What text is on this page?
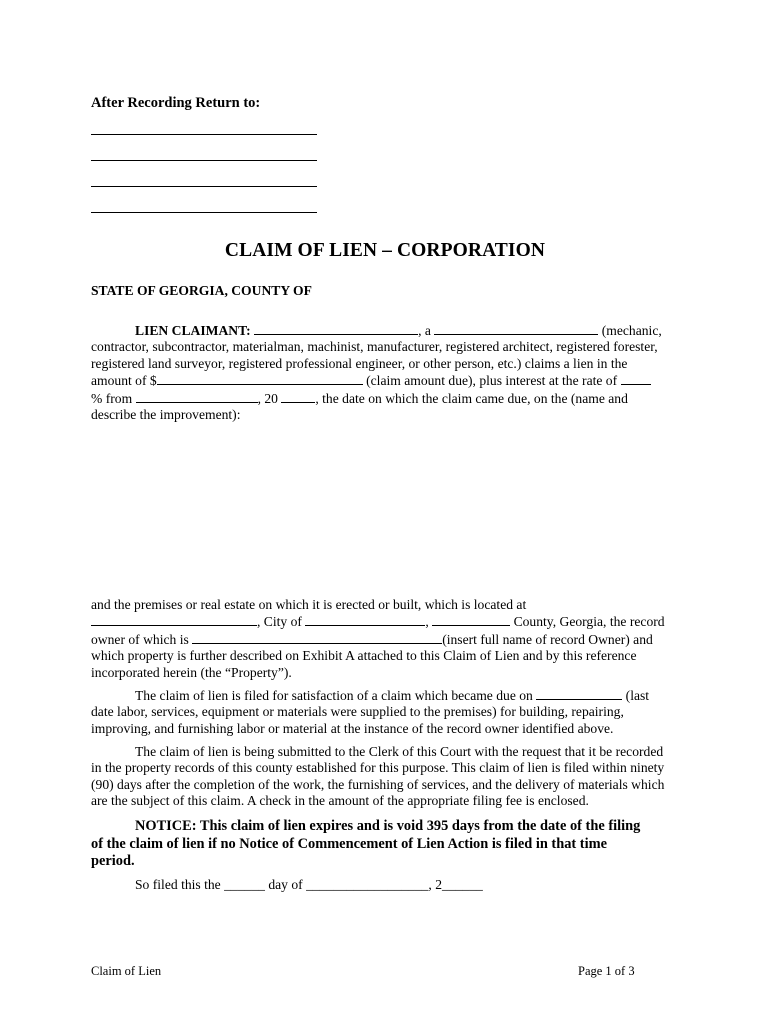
After Recording Return to:
CLAIM OF LIEN – CORPORATION
STATE OF GEORGIA, COUNTY OF
LIEN CLAIMANT:	, a	(mechanic,
contractor, subcontractor, materialman, machinist, manufacturer, registered architect, registered forester,
registered land surveyor, registered professional engineer, or other person, etc.) claims a lien in the
amount of $	(claim amount due), plus interest at the rate of
% from	, 20	, the date on which the claim came due, on the (name and
describe the improvement):
and the premises or real estate on which it is erected or built, which is located at
, City of	,	County, Georgia, the record
owner of which is	(insert full name of record Owner) and
which property is further described on Exhibit A attached to this Claim of Lien and by this reference
incorporated herein (the “Property”).
The claim of lien is filed for satisfaction of a claim which became due on	(last
date labor, services, equipment or materials were supplied to the premises) for building, repairing,
improving, and furnishing labor or material at the instance of the record owner identified above.
The claim of lien is being submitted to the Clerk of this Court with the request that it be recorded
in the property records of this county established for this purpose. This claim of lien is filed within ninety
(90) days after the completion of the work, the furnishing of services, and the delivery of materials which
are the subject of this claim. A check in the amount of the appropriate filing fee is enclosed.
NOTICE: This claim of lien expires and is void 395 days from the date of the filing
of the claim of lien if no Notice of Commencement of Lien Action is filed in that time
period.
So filed this the ______ day of __________________, 2______
Claim of Lien	Page 1 of 3
